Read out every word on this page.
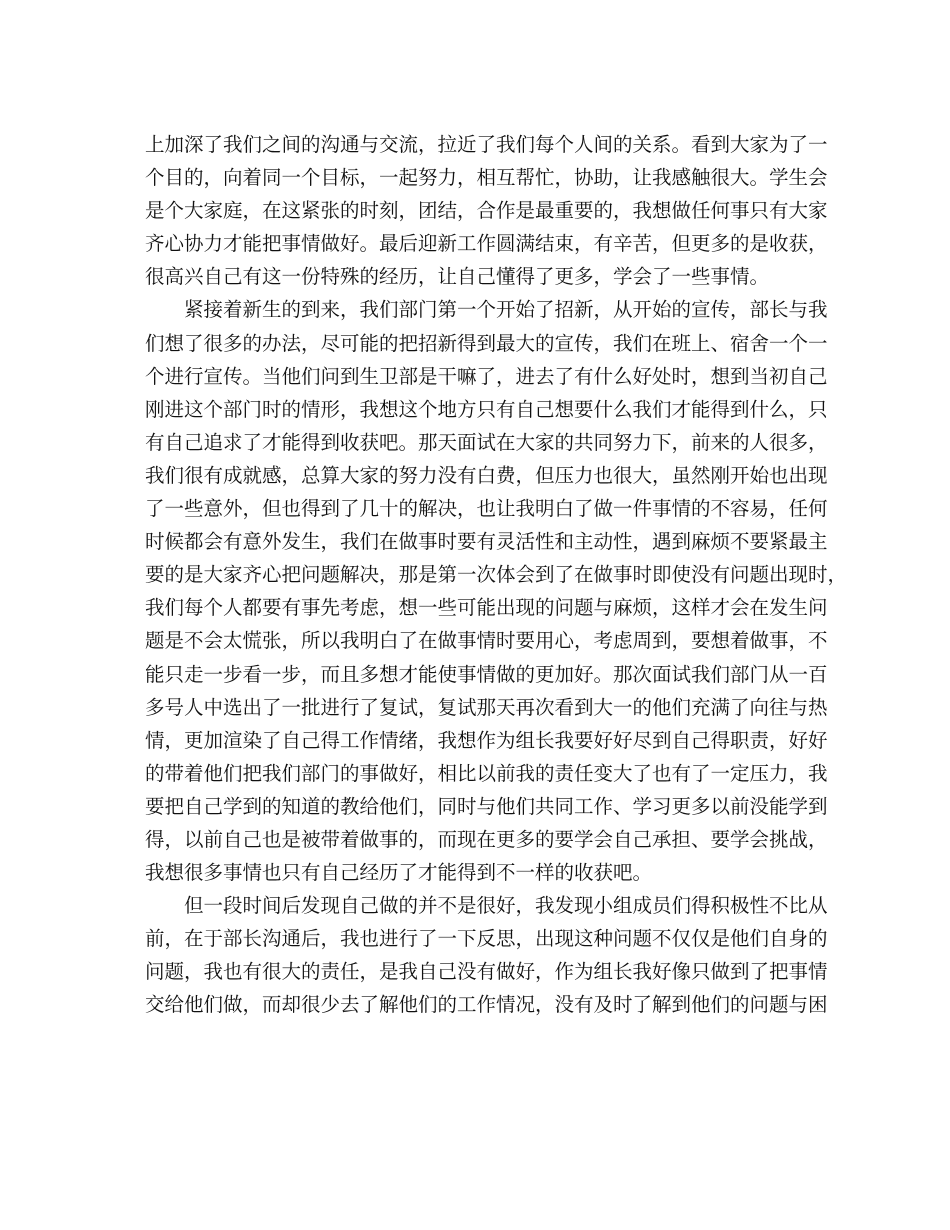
上加深了我们之间的沟通与交流，拉近了我们每个人间的关系。看到大家为了一
个目的，向着同一个目标，一起努力，相互帮忙，协助，让我感触很大。学生会
是个大家庭，在这紧张的时刻，团结，合作是最重要的，我想做任何事只有大家
齐心协力才能把事情做好。最后迎新工作圆满结束，有辛苦，但更多的是收获，
很高兴自己有这一份特殊的经历，让自己懂得了更多，学会了一些事情。
　　紧接着新生的到来，我们部门第一个开始了招新，从开始的宣传，部长与我
们想了很多的办法，尽可能的把招新得到最大的宣传，我们在班上、宿舍一个一
个进行宣传。当他们问到生卫部是干嘛了，进去了有什么好处时，想到当初自己
刚进这个部门时的情形，我想这个地方只有自己想要什么我们才能得到什么，只
有自己追求了才能得到收获吧。那天面试在大家的共同努力下，前来的人很多，
我们很有成就感，总算大家的努力没有白费，但压力也很大，虽然刚开始也出现
了一些意外，但也得到了几十的解决，也让我明白了做一件事情的不容易，任何
时候都会有意外发生，我们在做事时要有灵活性和主动性，遇到麻烦不要紧最主
要的是大家齐心把问题解决，那是第一次体会到了在做事时即使没有问题出现时，
我们每个人都要有事先考虑，想一些可能出现的问题与麻烦，这样才会在发生问
题是不会太慌张，所以我明白了在做事情时要用心，考虑周到，要想着做事，不
能只走一步看一步，而且多想才能使事情做的更加好。那次面试我们部门从一百
多号人中选出了一批进行了复试，复试那天再次看到大一的他们充满了向往与热
情，更加渲染了自己得工作情绪，我想作为组长我要好好尽到自己得职责，好好
的带着他们把我们部门的事做好，相比以前我的责任变大了也有了一定压力，我
要把自己学到的知道的教给他们，同时与他们共同工作、学习更多以前没能学到
得，以前自己也是被带着做事的，而现在更多的要学会自己承担、要学会挑战，
我想很多事情也只有自己经历了才能得到不一样的收获吧。
　　但一段时间后发现自己做的并不是很好，我发现小组成员们得积极性不比从
前，在于部长沟通后，我也进行了一下反思，出现这种问题不仅仅是他们自身的
问题，我也有很大的责任，是我自己没有做好，作为组长我好像只做到了把事情
交给他们做，而却很少去了解他们的工作情况，没有及时了解到他们的问题与困
